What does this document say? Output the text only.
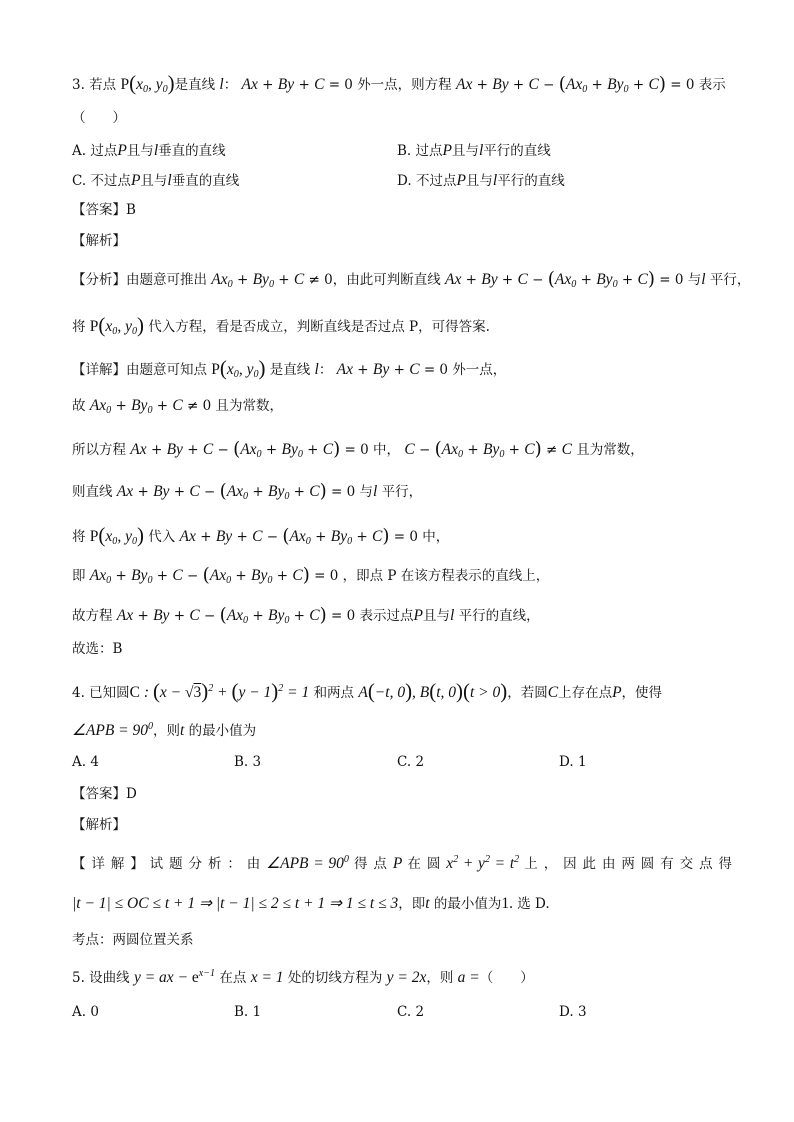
3. 若点 $P(x_0$, $y_0$)是直线 l： Ax + By + C = 0 外一点，则方程 $Ax + By + C - (Ax_0 + By_0 + C) = 0$ 表示
（　　）
A. 过点P且与l垂直的直线	B. 过点P且与l平行的直线
C. 不过点P且与l垂直的直线	D. 不过点P且与l平行的直线
【答案】B
【解析】
【分析】由题意可推出 $Ax_0 + By_0 + C \ne 0$，由此可判断直线 $Ax + By + C - (Ax_0 + By_0 + C) = 0$ 与l 平行，
将 $P(x_0$, $y_0$) 代入方程，看是否成立，判断直线是否过点 P，可得答案.
【详解】由题意可知点 $P(x_0$, $y_0$) 是直线 l： Ax + By + C = 0 外一点，
故 $Ax_0 + By_0 + C \ne 0$ 且为常数，
所以方程 $Ax + By + C - (Ax_0 + By_0 + C) = 0$ 中， $C - (Ax_0 + By_0 + C) \ne C$ 且为常数，
则直线 $Ax + By + C - (Ax_0 + By_0 + C) = 0$ 与l 平行，
将 $P(x_0$, $y_0$) 代入 $Ax + By + C - (Ax_0 + By_0 + C) = 0$ 中，
即 $Ax_0 + By_0 + C - (Ax_0 + By_0 + C) = 0$ ，即点 P 在该方程表示的直线上，
故方程 $Ax + By + C - (Ax_0 + By_0 + C) = 0$ 表示过点P且与l 平行的直线，
故选：B
4. 已知圆C : $(x - √3)^2 + (y - 1)^2 = 1$ 和两点 A(−t, 0), B(t, 0)(t > 0)，若圆C上存在点P，使得
∠APB = $90^0$，则t 的最小值为
A. 4	B. 3	C. 2	D. 1
【答案】D
【解析】
【 详 解 】 试 题 分 析 ： 由 ∠APB = $90^0$ 得 点 P 在 圆 $x^2 + y^2 = t^2$ 上 ， 因 此 由 两 圆 有 交 点 得
|t − 1| ≤ OC ≤ t + 1 ⇒ |t − 1| ≤ 2 ≤ t + 1 ⇒ 1 ≤ t ≤ 3，即t 的最小值为1. 选 D.
考点：两圆位置关系
5. 设曲线 y = ax − $e^{x-1}$ 在点 x = 1 处的切线方程为 y = 2x，则 a =（　　）
A. 0	B. 1	C. 2	D. 3
